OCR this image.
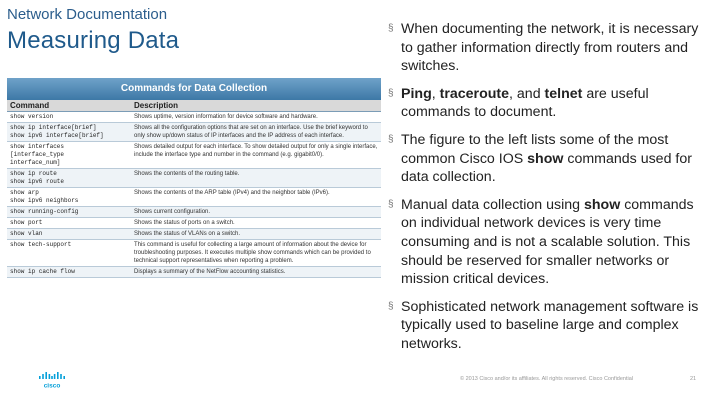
Network Documentation
Measuring Data
Commands for Data Collection
Command	Description
show version	Shows uptime, version information for device software and hardware.
show ip interface[brief]
show ipv6 interface[brief]	Shows all the configuration options that are set on an interface. Use the brief keyword to only show up/down status of IP interfaces and the IP address of each interface.
show interfaces
[interface_type
interface_num]	Shows detailed output for each interface. To show detailed output for only a single interface, include the interface type and number in the command (e.g. gigabit0/0).
show ip route
show ipv6 route	Shows the contents of the routing table.
show arp
show ipv6 neighbors	Shows the contents of the ARP table (IPv4) and the neighbor table (IPv6).
show running-config	Shows current configuration.
show port	Shows the status of ports on a switch.
show vlan	Shows the status of VLANs on a switch.
show tech-support	This command is useful for collecting a large amount of information about the device for troubleshooting purposes. It executes multiple show commands which can be provided to technical support representatives when reporting a problem.
show ip cache flow	Displays a summary of the NetFlow accounting statistics.
§ When documenting the network, it is necessary to gather information directly from routers and switches.
§ Ping, traceroute, and telnet are useful commands to document.
§ The figure to the left lists some of the most common Cisco IOS show commands used for data collection.
§ Manual data collection using show commands on individual network devices is very time consuming and is not a scalable solution. This should be reserved for smaller networks or mission critical devices.
§ Sophisticated network management software is typically used to baseline large and complex networks.
cisco
© 2013 Cisco and/or its affiliates. All rights reserved. Cisco Confidential	21
